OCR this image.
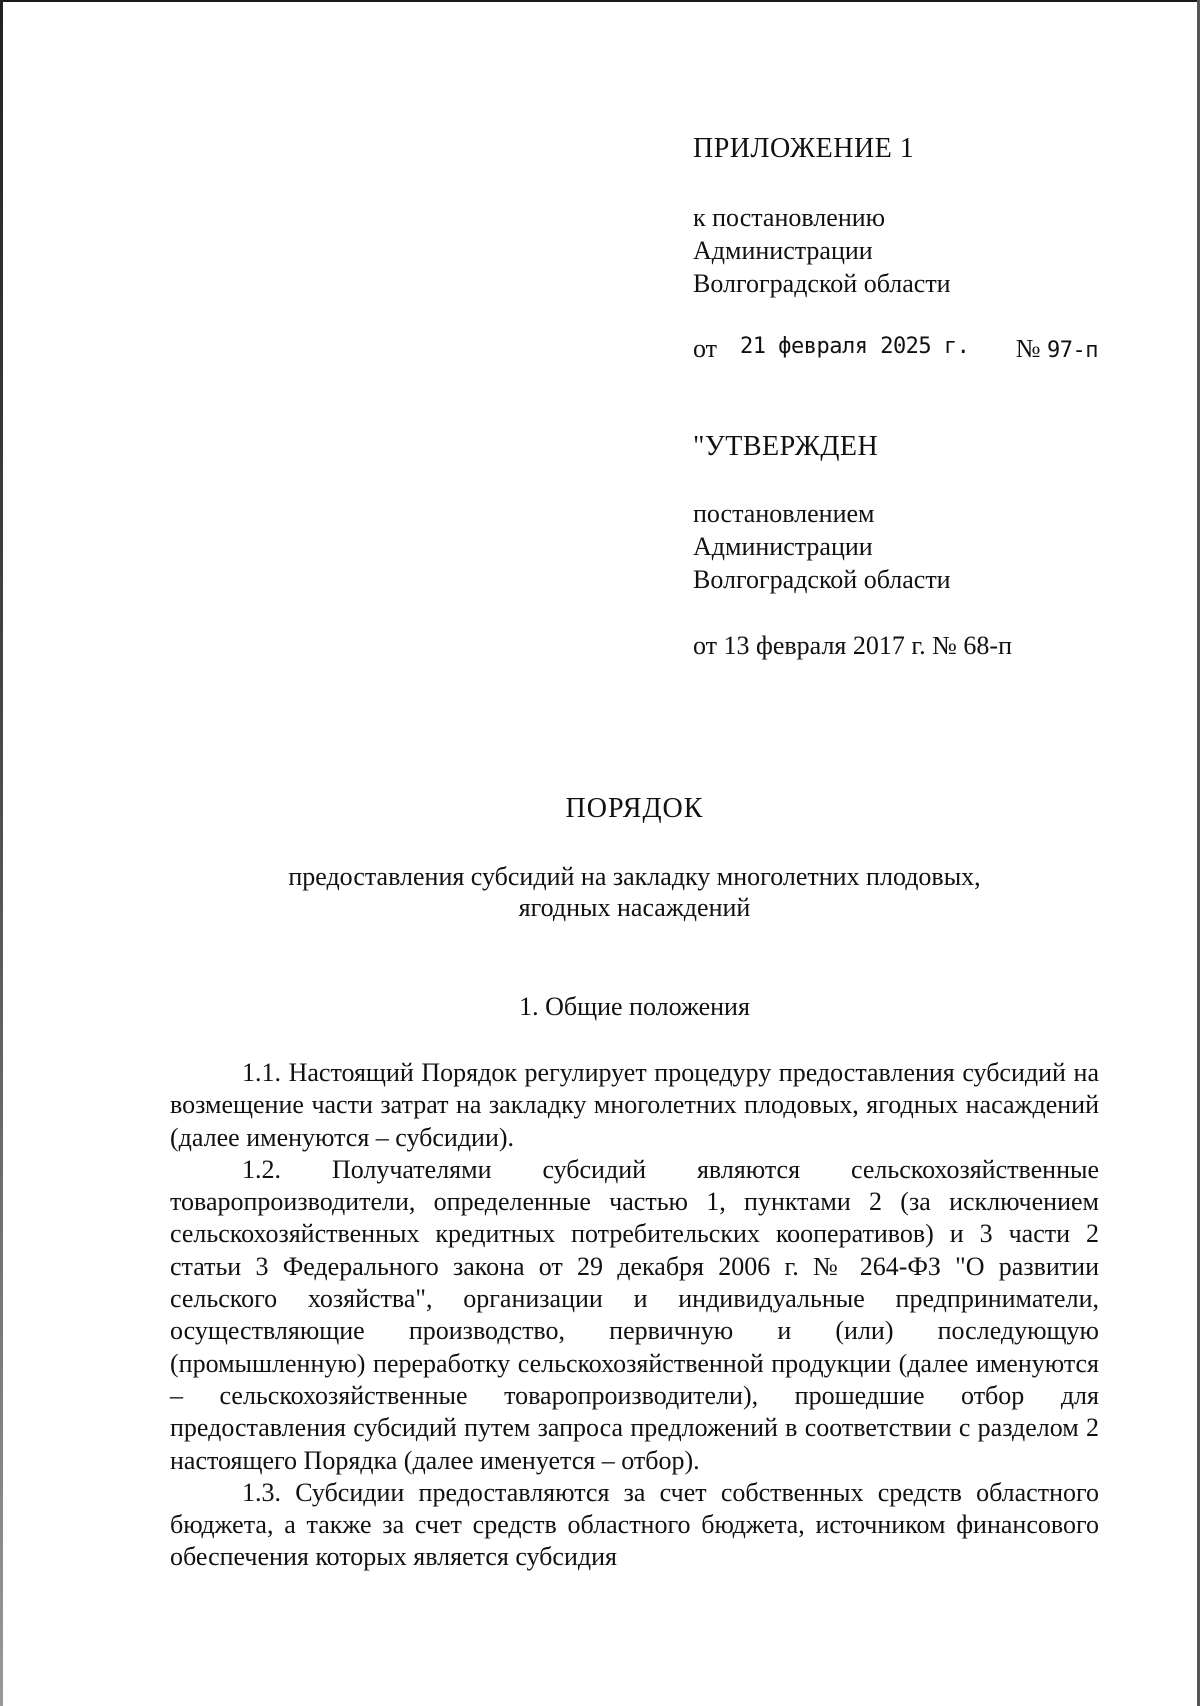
ПРИЛОЖЕНИЕ 1
к постановлению
Администрации
Волгоградской области
от 21 февраля 2025 г. № 97-п
"УТВЕРЖДЕН
постановлением
Администрации
Волгоградской области
от 13 февраля 2017 г. № 68-п
ПОРЯДОК
предоставления субсидий на закладку многолетних плодовых,
ягодных насаждений
1. Общие положения

1.1. Настоящий Порядок регулирует процедуру предоставления субсидий на возмещение части затрат на закладку многолетних плодовых, ягодных насаждений (далее именуются – субсидии).

1.2. Получателями субсидий являются сельскохозяйственные товаропроизводители, определенные частью 1, пунктами 2 (за исключением сельскохозяйственных кредитных потребительских кооперативов) и 3 части 2 статьи 3 Федерального закона от 29 декабря 2006 г. № 264-ФЗ "О развитии сельского хозяйства", организации и индивидуальные предприниматели, осуществляющие производство, первичную и (или) последующую (промышленную) переработку сельскохозяйственной продукции (далее именуются – сельскохозяйственные товаропроизводители), прошедшие отбор для предоставления субсидий путем запроса предложений в соответствии с разделом 2 настоящего Порядка (далее именуется – отбор).

1.3. Субсидии предоставляются за счет собственных средств областного бюджета, а также за счет средств областного бюджета, источником финансового обеспечения которых является субсидия
